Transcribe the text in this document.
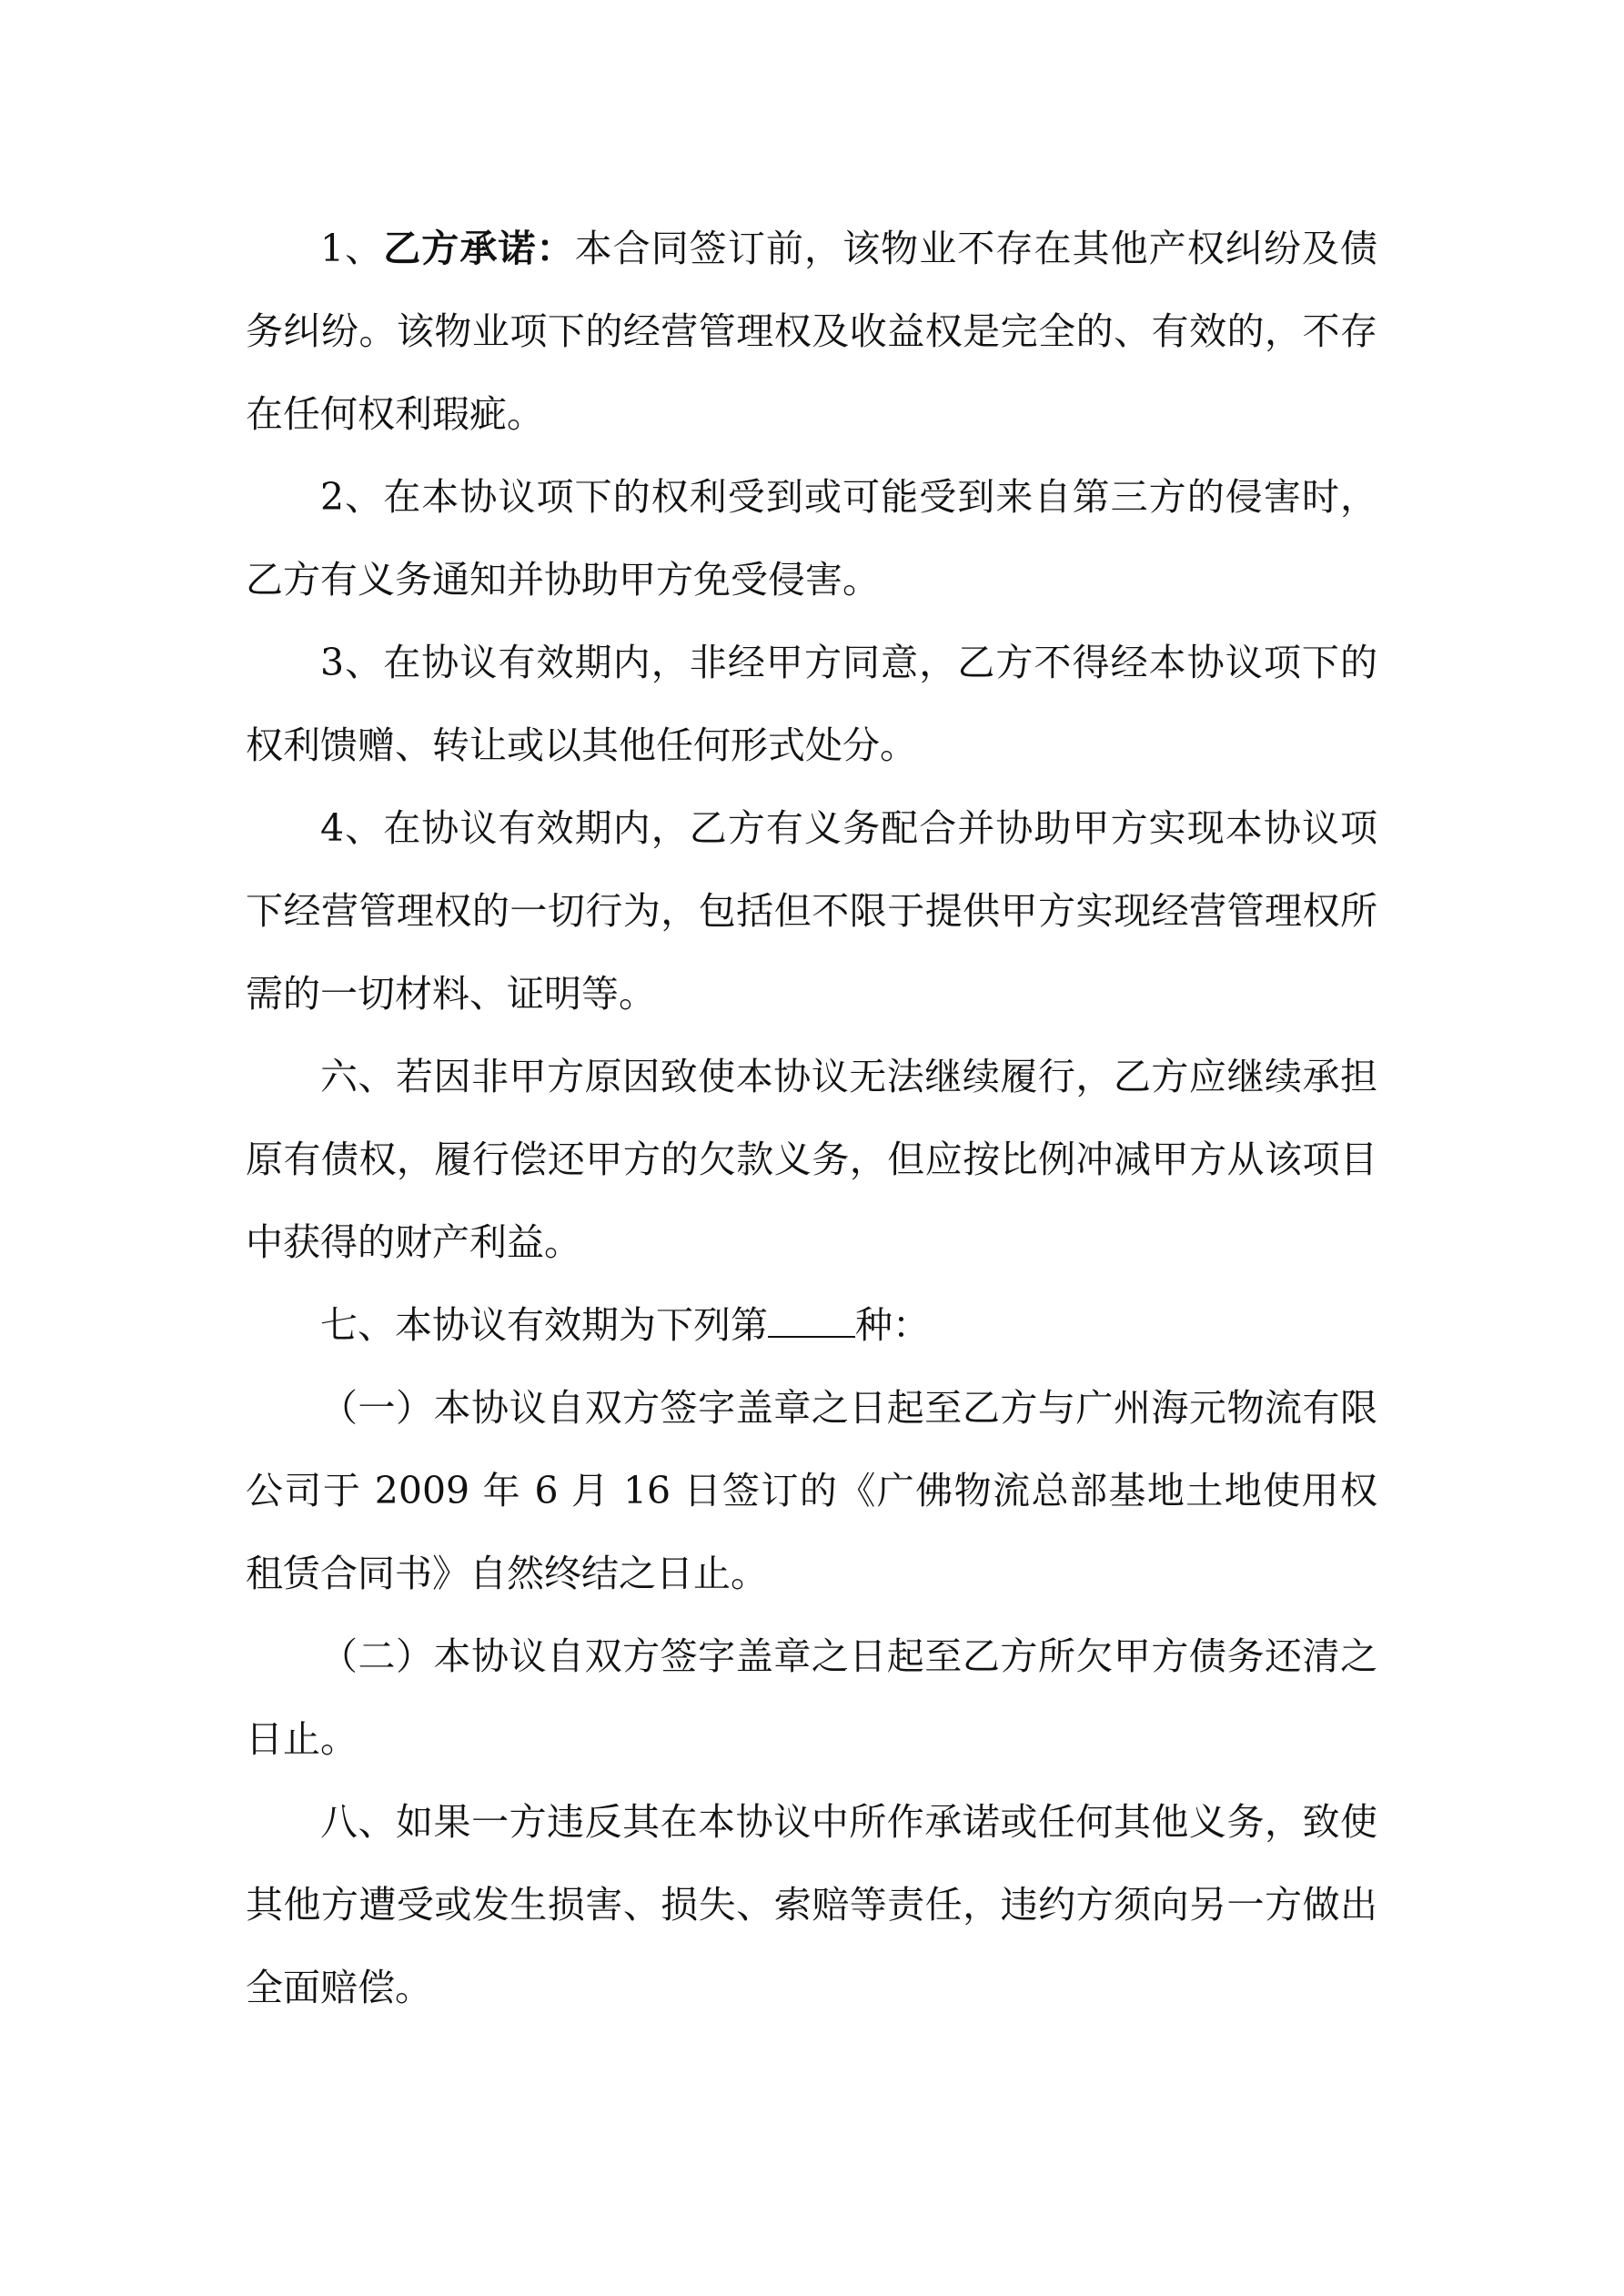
1、乙方承诺：本合同签订前，该物业不存在其他产权纠纷及债务纠纷。该物业项下的经营管理权及收益权是完全的、有效的，不存在任何权利瑕疵。

2、在本协议项下的权利受到或可能受到来自第三方的侵害时，乙方有义务通知并协助甲方免受侵害。

3、在协议有效期内，非经甲方同意，乙方不得经本协议项下的权利馈赠、转让或以其他任何形式处分。

4、在协议有效期内，乙方有义务配合并协助甲方实现本协议项下经营管理权的一切行为，包括但不限于提供甲方实现经营管理权所需的一切材料、证明等。

六、若因非甲方原因致使本协议无法继续履行，乙方应继续承担原有债权，履行偿还甲方的欠款义务，但应按比例冲减甲方从该项目中获得的财产利益。

七、本协议有效期为下列第 种：

（一）本协议自双方签字盖章之日起至乙方与广州海元物流有限公司于 2009 年 6 月 16 日签订的《广佛物流总部基地土地使用权租赁合同书》自然终结之日止。

（二）本协议自双方签字盖章之日起至乙方所欠甲方债务还清之日止。

八、如果一方违反其在本协议中所作承诺或任何其他义务，致使其他方遭受或发生损害、损失、索赔等责任，违约方须向另一方做出全面赔偿。
